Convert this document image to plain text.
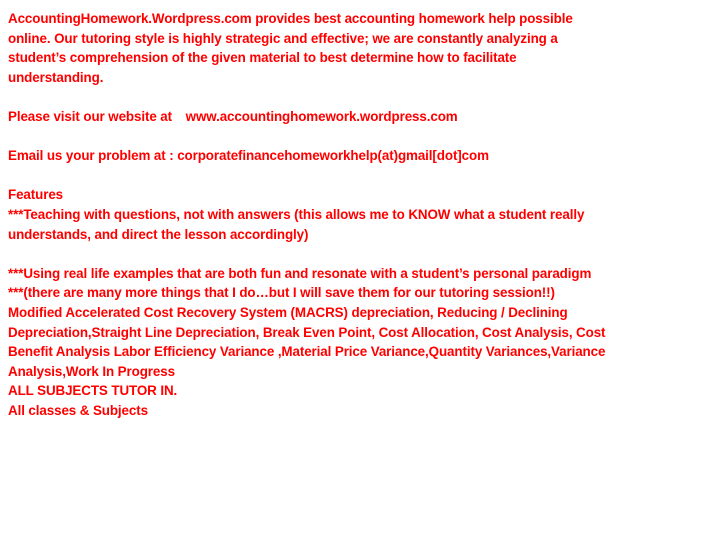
AccountingHomework.Wordpress.com provides best accounting homework help possible
online. Our tutoring style is highly strategic and effective; we are constantly analyzing a
student’s comprehension of the given material to best determine how to facilitate
understanding.
Please visit our website at www.accountinghomework.wordpress.com
Email us your problem at : corporatefinancehomeworkhelp(at)gmail[dot]com
Features
***Teaching with questions, not with answers (this allows me to KNOW what a student really
understands, and direct the lesson accordingly)
***Using real life examples that are both fun and resonate with a student’s personal paradigm
***(there are many more things that I do…but I will save them for our tutoring session!!)
Modified Accelerated Cost Recovery System (MACRS) depreciation, Reducing / Declining
Depreciation,Straight Line Depreciation, Break Even Point, Cost Allocation, Cost Analysis, Cost
Benefit Analysis Labor Efficiency Variance ,Material Price Variance,Quantity Variances,Variance
Analysis,Work In Progress
ALL SUBJECTS TUTOR IN.
All classes & Subjects
